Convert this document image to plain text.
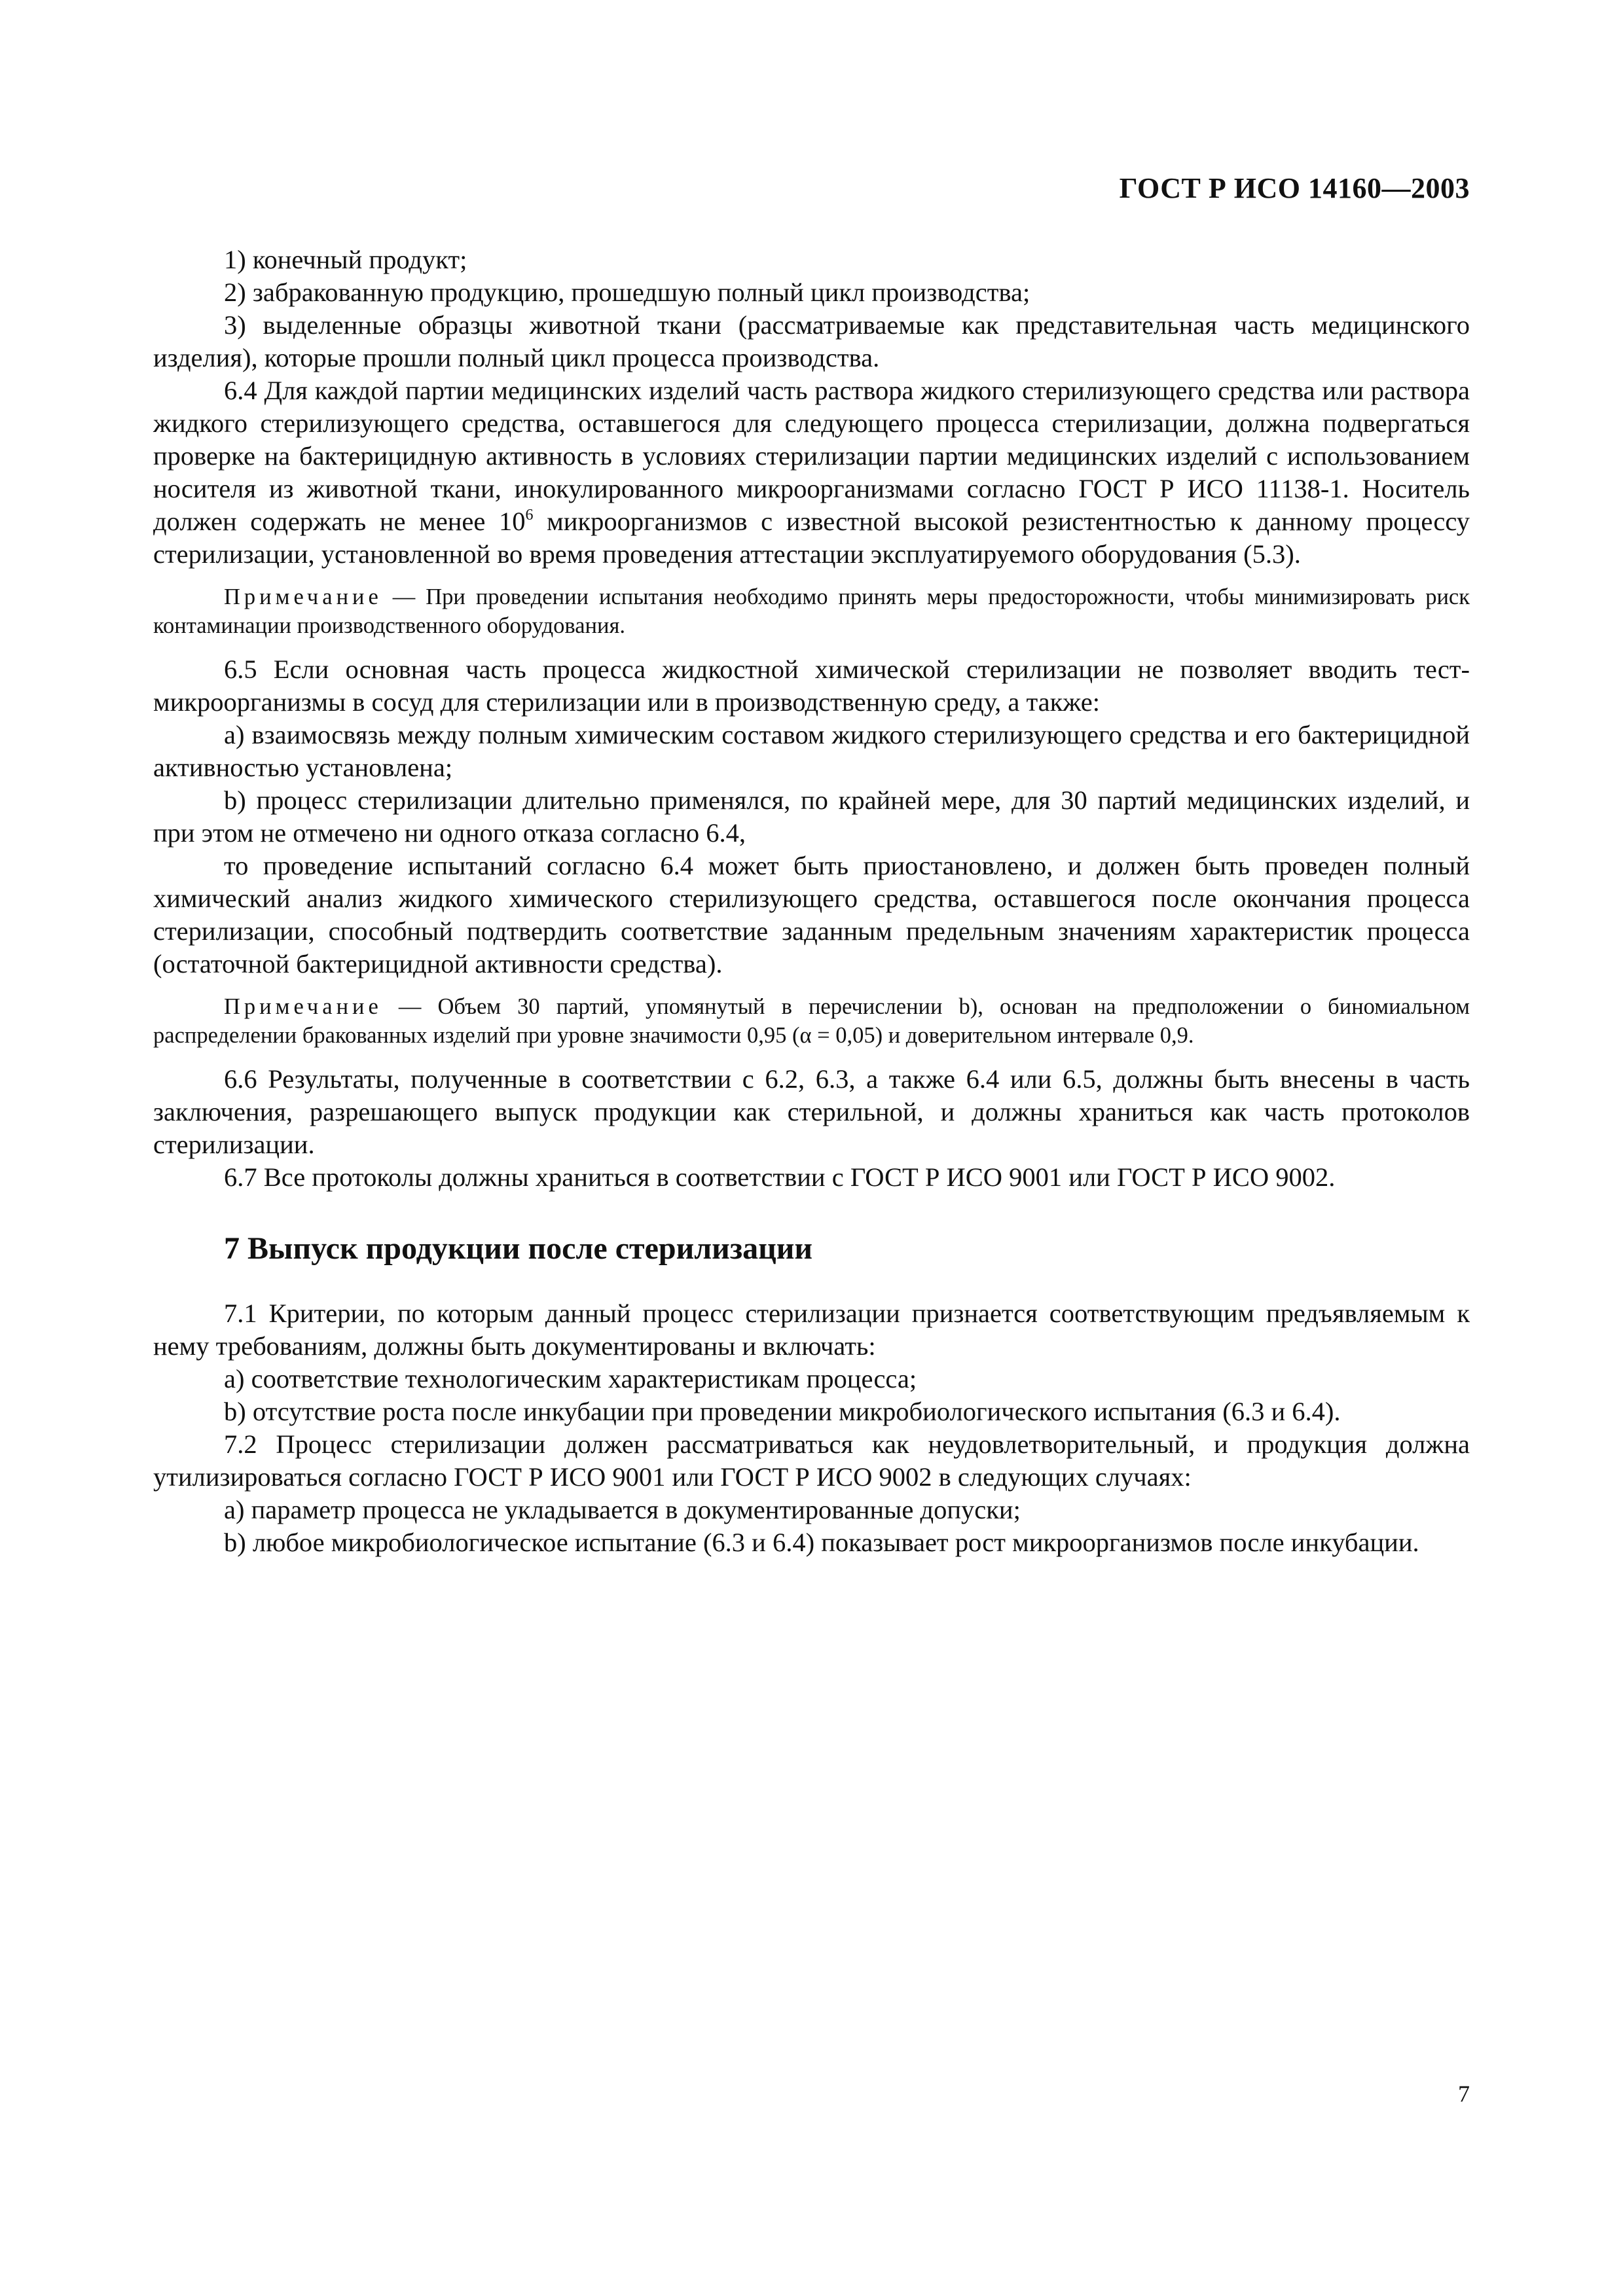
ГОСТ Р ИСО 14160—2003

1) конечный продукт;

2) забракованную продукцию, прошедшую полный цикл производства;

3) выделенные образцы животной ткани (рассматриваемые как представительная часть медицинского изделия), которые прошли полный цикл процесса производства.

6.4 Для каждой партии медицинских изделий часть раствора жидкого стерилизующего средства или раствора жидкого стерилизующего средства, оставшегося для следующего процесса стерилизации, должна подвергаться проверке на бактерицидную активность в условиях стерилизации партии медицинских изделий с использованием носителя из животной ткани, инокулированного микроорганизмами согласно ГОСТ Р ИСО 11138-1. Носитель должен содержать не менее $10^6$ микроорганизмов с известной высокой резистентностью к данному процессу стерилизации, установленной во время проведения аттестации эксплуатируемого оборудования (5.3).

Примечание — При проведении испытания необходимо принять меры предосторожности, чтобы минимизировать риск контаминации производственного оборудования.

6.5 Если основная часть процесса жидкостной химической стерилизации не позволяет вводить тест-микроорганизмы в сосуд для стерилизации или в производственную среду, а также:

a) взаимосвязь между полным химическим составом жидкого стерилизующего средства и его бактерицидной активностью установлена;

b) процесс стерилизации длительно применялся, по крайней мере, для 30 партий медицинских изделий, и при этом не отмечено ни одного отказа согласно 6.4,

то проведение испытаний согласно 6.4 может быть приостановлено, и должен быть проведен полный химический анализ жидкого химического стерилизующего средства, оставшегося после окончания процесса стерилизации, способный подтвердить соответствие заданным предельным значениям характеристик процесса (остаточной бактерицидной активности средства).

Примечание — Объем 30 партий, упомянутый в перечислении b), основан на предположении о биномиальном распределении бракованных изделий при уровне значимости 0,95 (α = 0,05) и доверительном интервале 0,9.

6.6 Результаты, полученные в соответствии с 6.2, 6.3, а также 6.4 или 6.5, должны быть внесены в часть заключения, разрешающего выпуск продукции как стерильной, и должны храниться как часть протоколов стерилизации.

6.7 Все протоколы должны храниться в соответствии с ГОСТ Р ИСО 9001 или ГОСТ Р ИСО 9002.

7 Выпуск продукции после стерилизации

7.1 Критерии, по которым данный процесс стерилизации признается соответствующим предъявляемым к нему требованиям, должны быть документированы и включать:

a) соответствие технологическим характеристикам процесса;

b) отсутствие роста после инкубации при проведении микробиологического испытания (6.3 и 6.4).

7.2 Процесс стерилизации должен рассматриваться как неудовлетворительный, и продукция должна утилизироваться согласно ГОСТ Р ИСО 9001 или ГОСТ Р ИСО 9002 в следующих случаях:

a) параметр процесса не укладывается в документированные допуски;

b) любое микробиологическое испытание (6.3 и 6.4) показывает рост микроорганизмов после инкубации.

7
